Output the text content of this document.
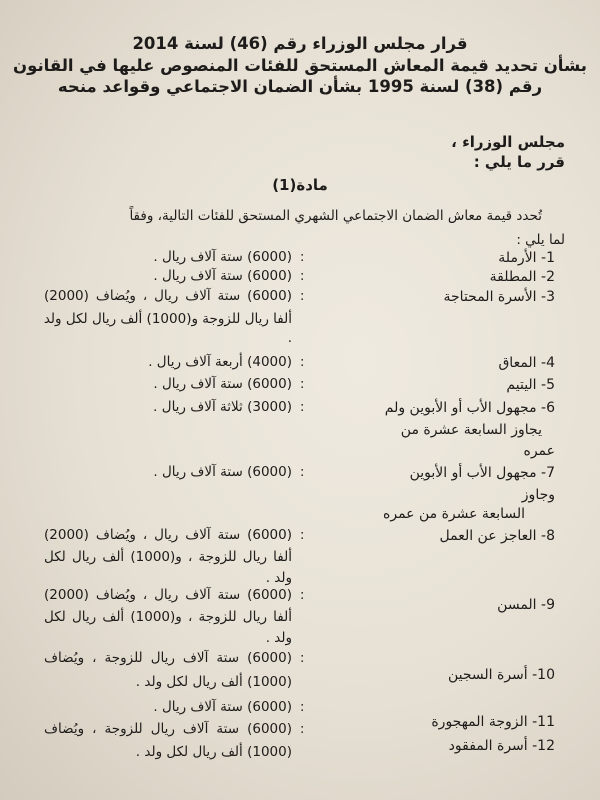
قرار مجلس الوزراء رقم (46) لسنة 2014
بشأن تحديد قيمة المعاش المستحق للفئات المنصوص عليها في القانون
رقم (38) لسنة 1995 بشأن الضمان الاجتماعي وقواعد منحه
مجلس الوزراء ،
قرر ما يلي :
مادة(1)
تُحدد قيمة معاش الضمان الاجتماعي الشهري المستحق للفئات التالية، وفقاً
لما يلي :
1- الأرملة
:
(6000) ستة آلاف ريال .
2- المطلقة
:
(6000) ستة آلاف ريال .
3- الأسرة المحتاجة
:
(6000) ستة آلاف ريال ، ويُضاف (2000)
ألفا ريال للزوجة و(1000) ألف ريال لكل ولد
.
4- المعاق
:
(4000) أربعة آلاف ريال .
5- اليتيم
:
(6000) ستة آلاف ريال .
6- مجهول الأب أو الأبوين ولم
يجاوز السابعة عشرة من
عمره
:
(3000) ثلاثة آلاف ريال .
7- مجهول الأب أو الأبوين
وجاوز
السابعة عشرة من عمره
:
(6000) ستة آلاف ريال .
8- العاجز عن العمل
:
(6000) ستة آلاف ريال ، ويُضاف (2000)
ألفا ريال للزوجة ، و(1000) ألف ريال لكل
ولد .
9- المسن
:
(6000) ستة آلاف ريال ، ويُضاف (2000)
ألفا ريال للزوجة ، و(1000) ألف ريال لكل
ولد .
10- أسرة السجين
:
(6000) ستة آلاف ريال للزوجة ، ويُضاف
(1000) ألف ريال لكل ولد .
11- الزوجة المهجورة
:
(6000) ستة آلاف ريال .
12- أسرة المفقود
:
(6000) ستة آلاف ريال للزوجة ، ويُضاف
(1000) ألف ريال لكل ولد .
